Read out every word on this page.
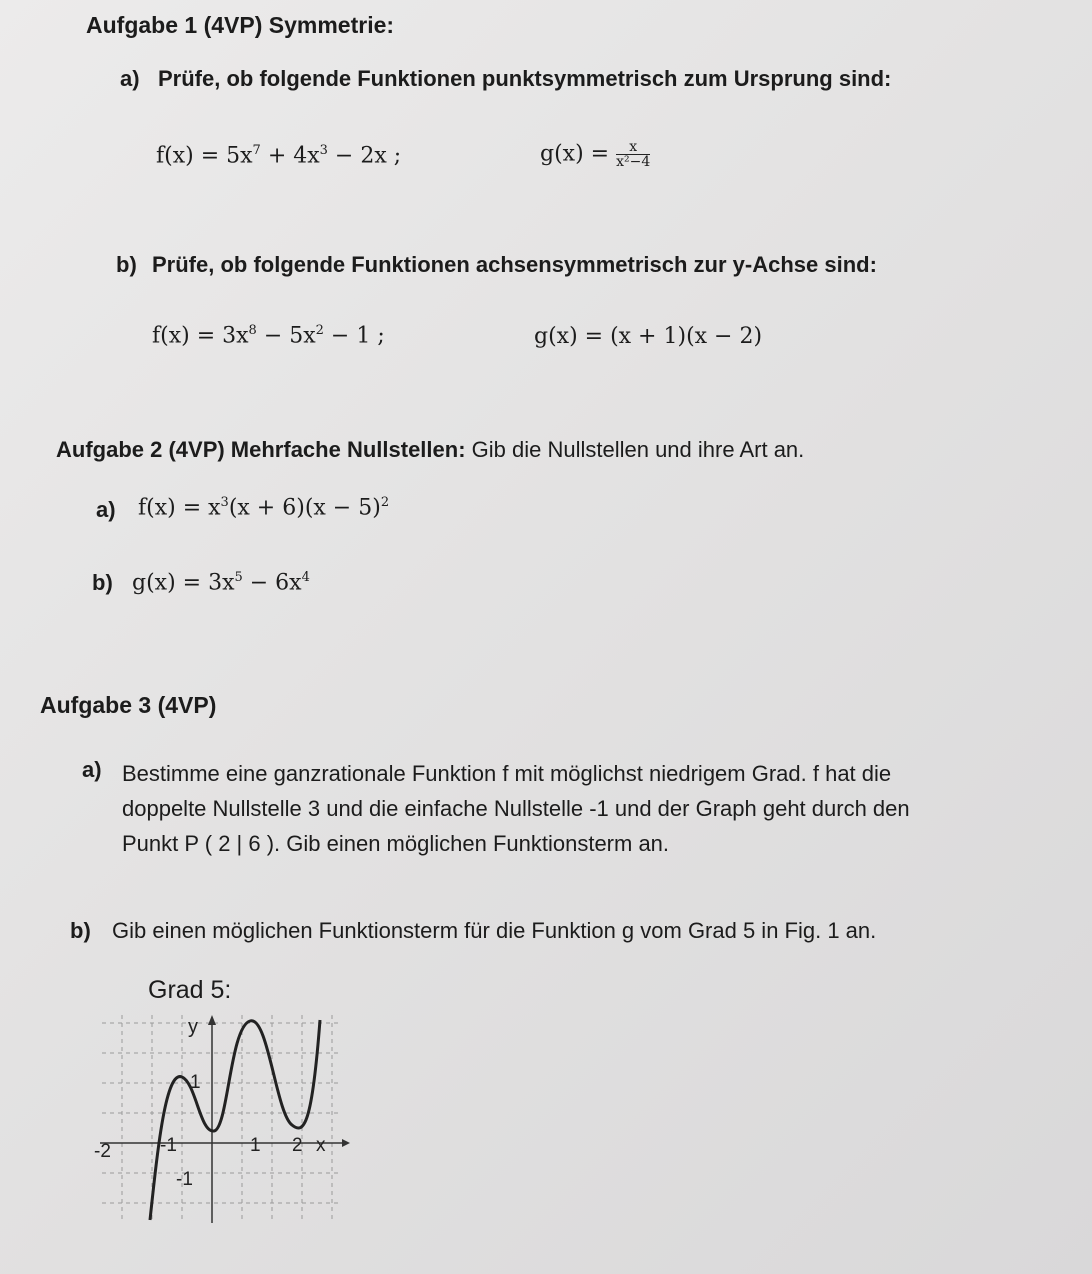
Aufgabe 1 (4VP) Symmetrie:
a) Prüfe, ob folgende Funktionen punktsymmetrisch zum Ursprung sind:
$f(x) = 5x^7 + 4x^3 - 2x$ ;	$g(x) = \frac{x}{\text{x²−4}}$
b) Prüfe, ob folgende Funktionen achsensymmetrisch zur y-Achse sind:
$f(x) = 3x^8 - 5x^2 - 1$ ;	g(x) = (x + 1)(x − 2)
Aufgabe 2 (4VP) Mehrfache Nullstellen: Gib die Nullstellen und ihre Art an.
a) $f(x) = x^3(x + 6)(x - 5)^2$
b) $g(x) = 3x^5 - 6x^4$
Aufgabe 3 (4VP)
a) Bestimme eine ganzrationale Funktion f mit möglichst niedrigem Grad. f hat die
doppelte Nullstelle 3 und die einfache Nullstelle -1 und der Graph geht durch den
Punkt P ( 2 | 6 ). Gib einen möglichen Funktionsterm an.
b) Gib einen möglichen Funktionsterm für die Funktion g vom Grad 5 in Fig. 1 an.
Grad 5:
y
x
-2	-1	1 2
1
-1
